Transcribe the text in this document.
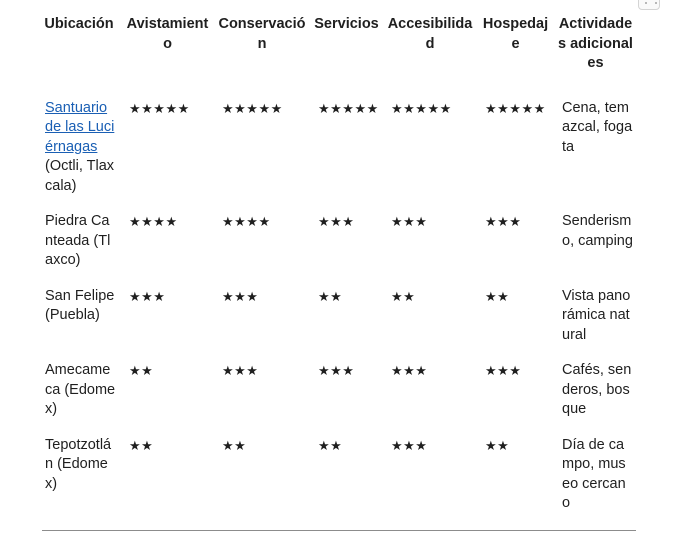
Ubicación	Avistamiento	Conservación	Servicios	Accesibilidad	Hospedaje	Actividades adicionales
Santuario de las Luciérnagas (Octli, Tlaxcala)	★★★★★	★★★★★	★★★★★	★★★★★	★★★★★	Cena, temazcal, fogata
Piedra Canteada (Tlaxco)	★★★★	★★★★	★★★	★★★	★★★	Senderismo, camping
San Felipe (Puebla)	★★★	★★★	★★	★★	★★	Vista panorámica natural
Amecameca (Edomex)	★★	★★★	★★★	★★★	★★★	Cafés, senderos, bosque
Tepotzotlán (Edomex)	★★	★★	★★	★★★	★★	Día de campo, museo cercano
